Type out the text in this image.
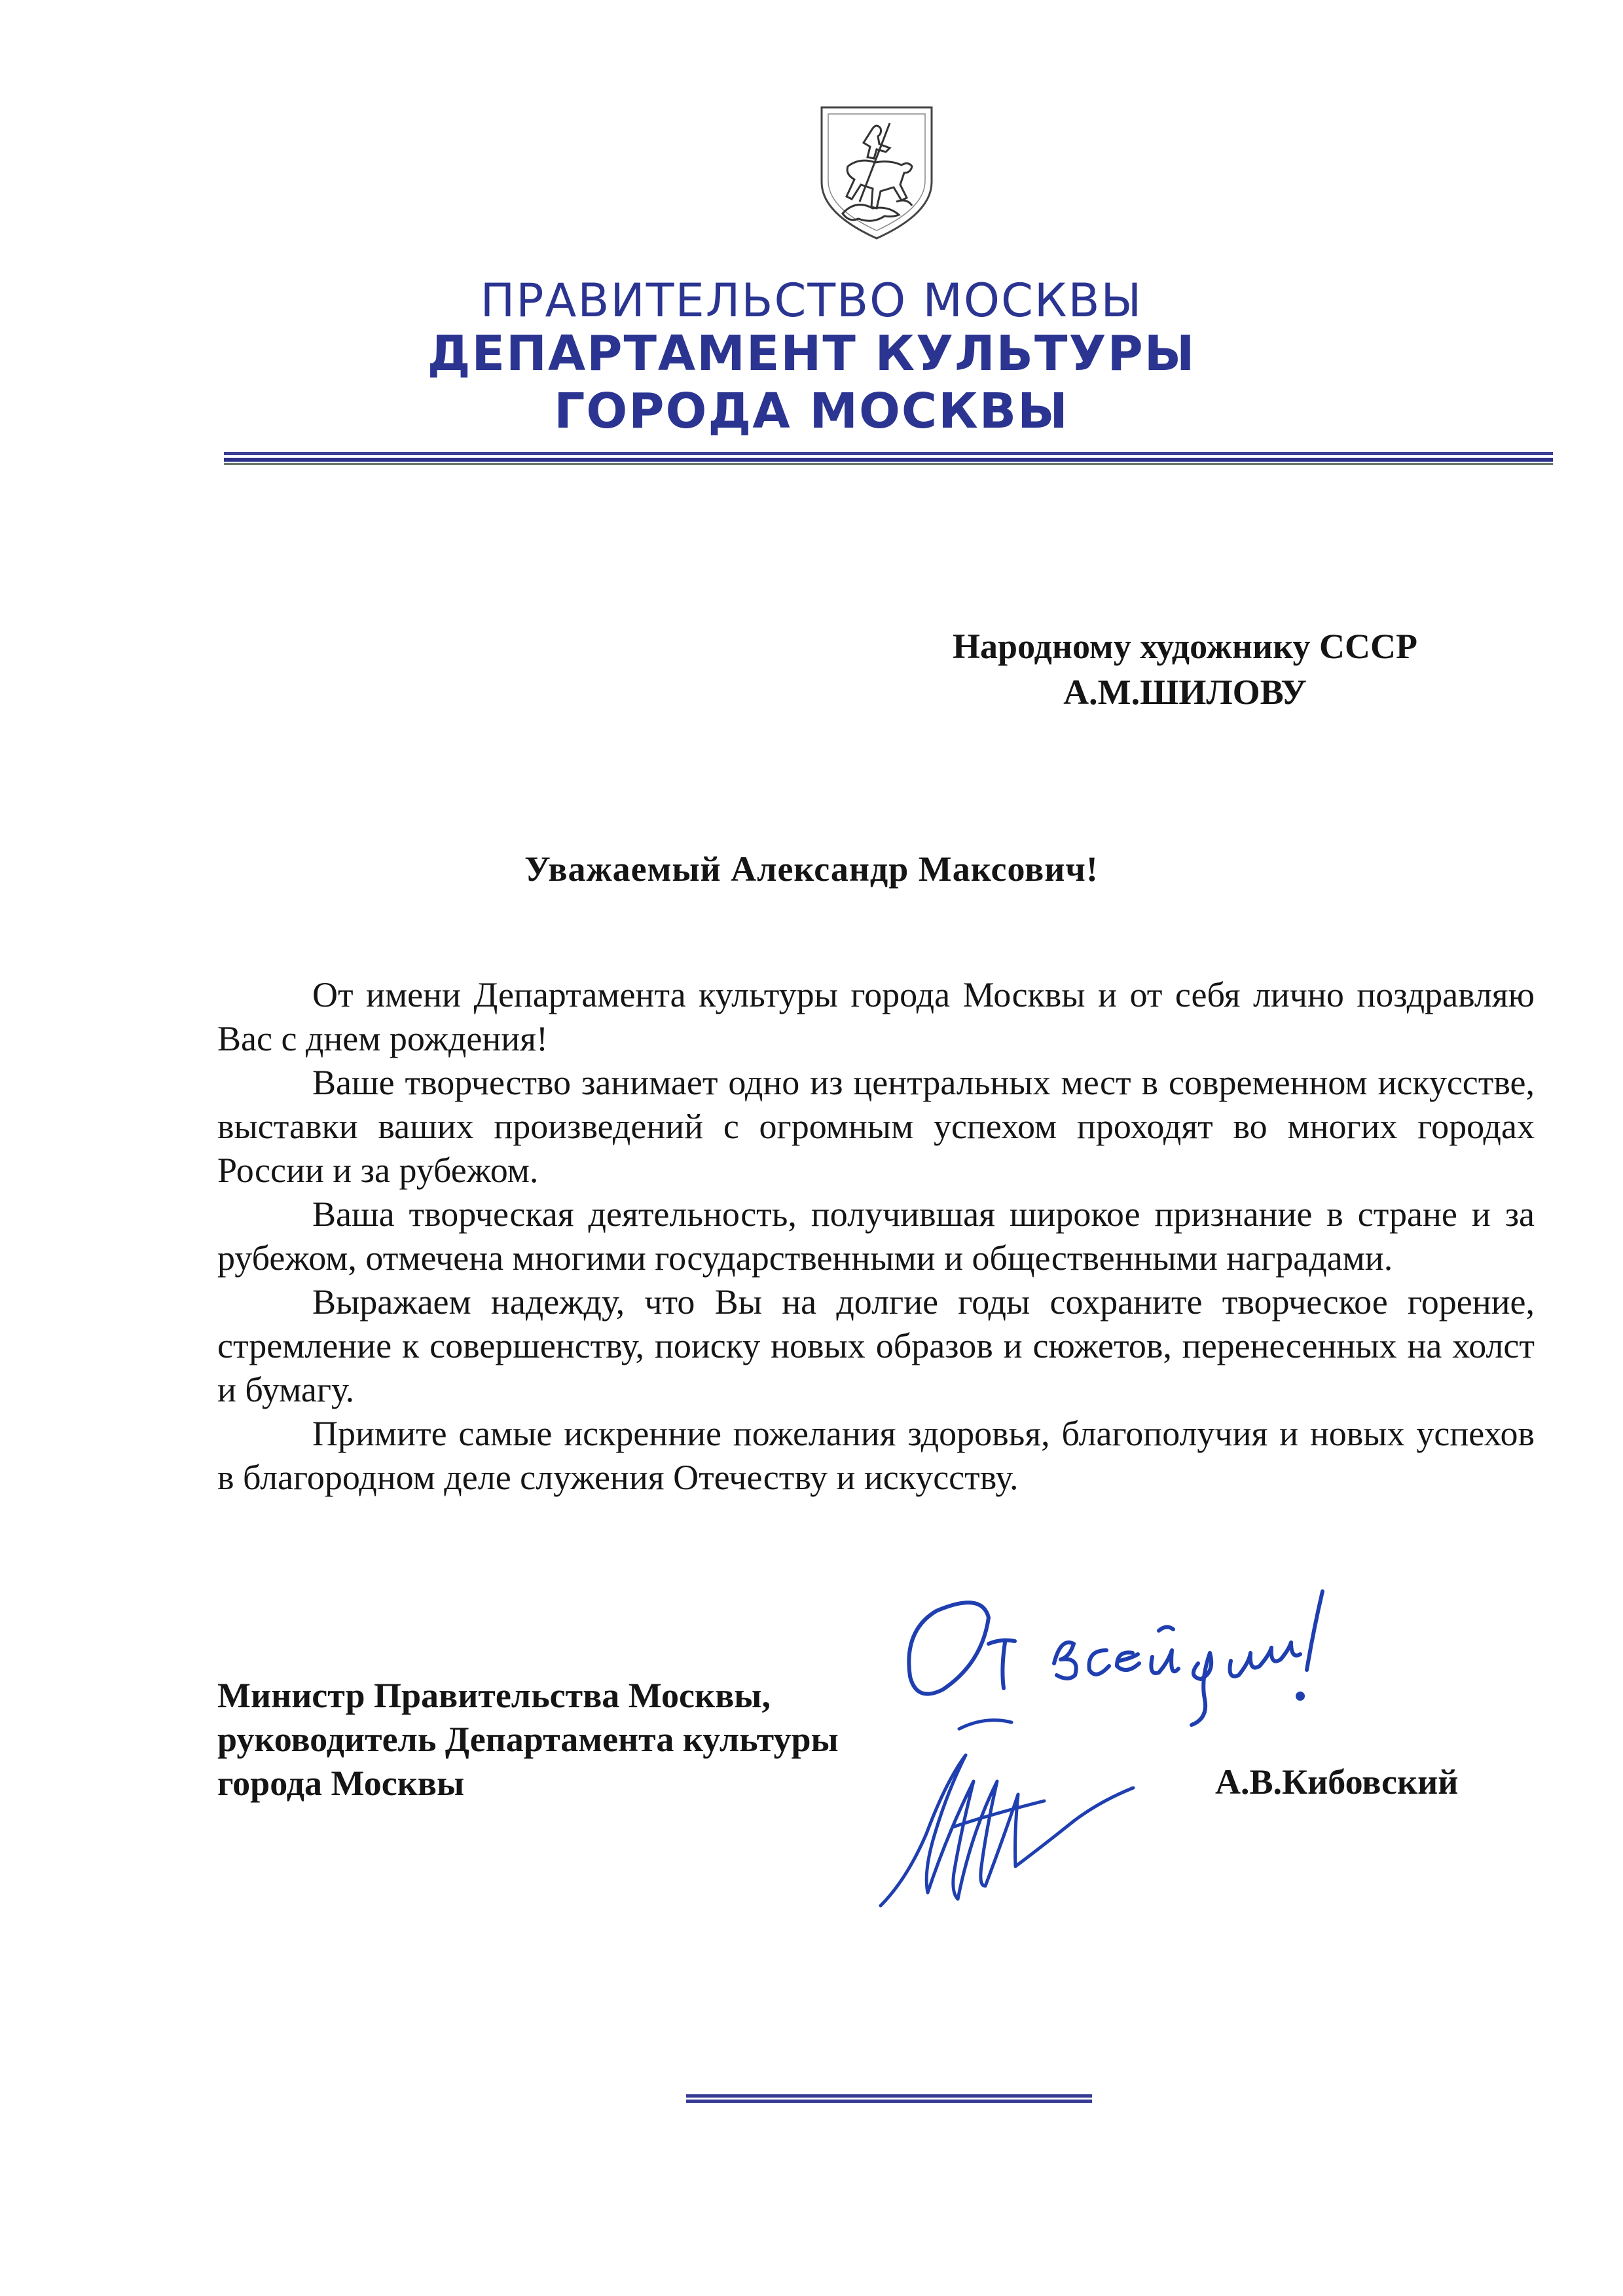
ПРАВИТЕЛЬСТВО МОСКВЫ
ДЕПАРТАМЕНТ КУЛЬТУРЫ
ГОРОДА МОСКВЫ
Народному художнику СССР
А.М.ШИЛОВУ
Уважаемый Александр Максович!

От имени Департамента культуры города Москвы и от себя лично поздравляю Вас с днем рождения!

Ваше творчество занимает одно из центральных мест в современном искусстве, выставки ваших произведений с огромным успехом проходят во многих городах России и за рубежом.

Ваша творческая деятельность, получившая широкое признание в стране и за рубежом, отмечена многими государственными и общественными наградами.

Выражаем надежду, что Вы на долгие годы сохраните творческое горение, стремление к совершенству, поиску новых образов и сюжетов, перенесенных на холст и бумагу.

Примите самые искренние пожелания здоровья, благополучия и новых успехов в благородном деле служения Отечеству и искусству.

Министр Правительства Москвы,
руководитель Департамента культуры
города Москвы	А.В.Кибовский
